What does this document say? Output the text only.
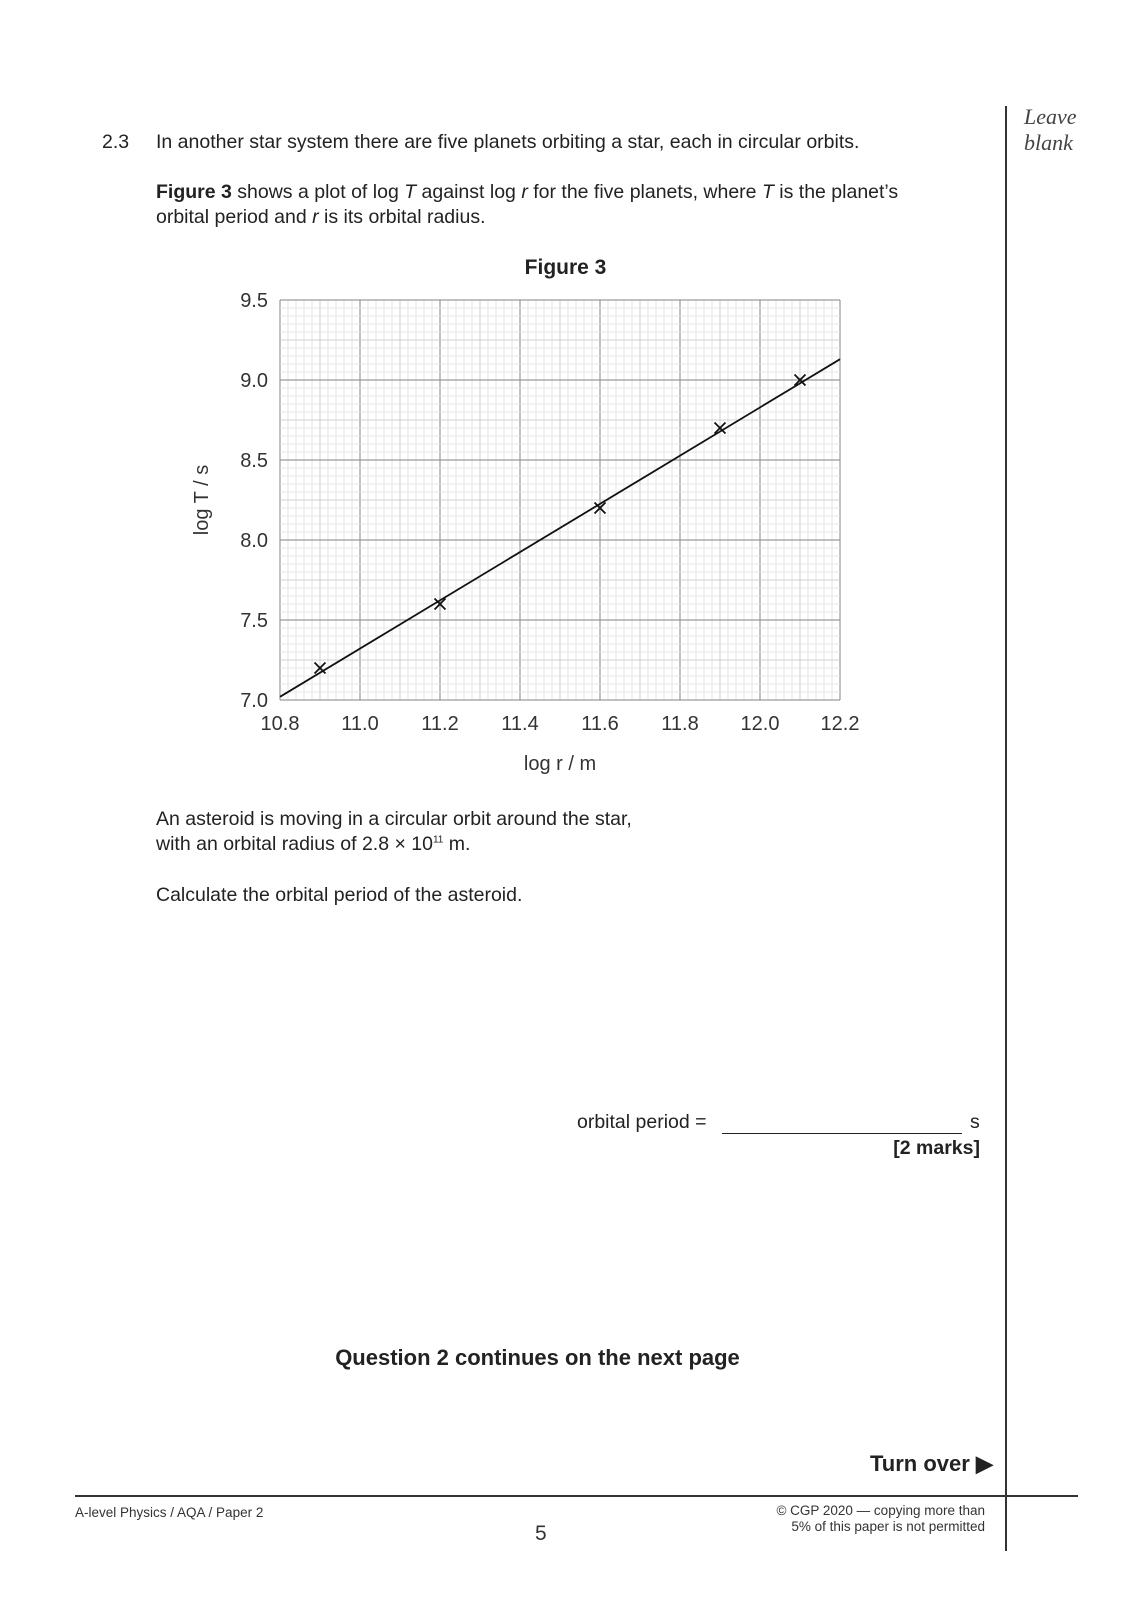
Leave
blank
2.3 In another star system there are five planets orbiting a star, each in circular orbits.
Figure 3 shows a plot of log T against log r for the five planets, where T is the planet’s
orbital period and r is its orbital radius.
Figure 3
10.8 11.0 11.2 11.4 11.6 11.8 12.0 12.2
7.0
7.5
8.0
8.5
9.0
9.5
log r / m
log T / s
An asteroid is moving in a circular orbit around the star,
with an orbital radius of $2.8 \times 10^{11}$ m.
Calculate the orbital period of the asteroid.
orbital period =	s
[2 marks]
Question 2 continues on the next page
Turn over ▶
A-level Physics / AQA / Paper 2
5
© CGP 2020 — copying more than
5% of this paper is not permitted
